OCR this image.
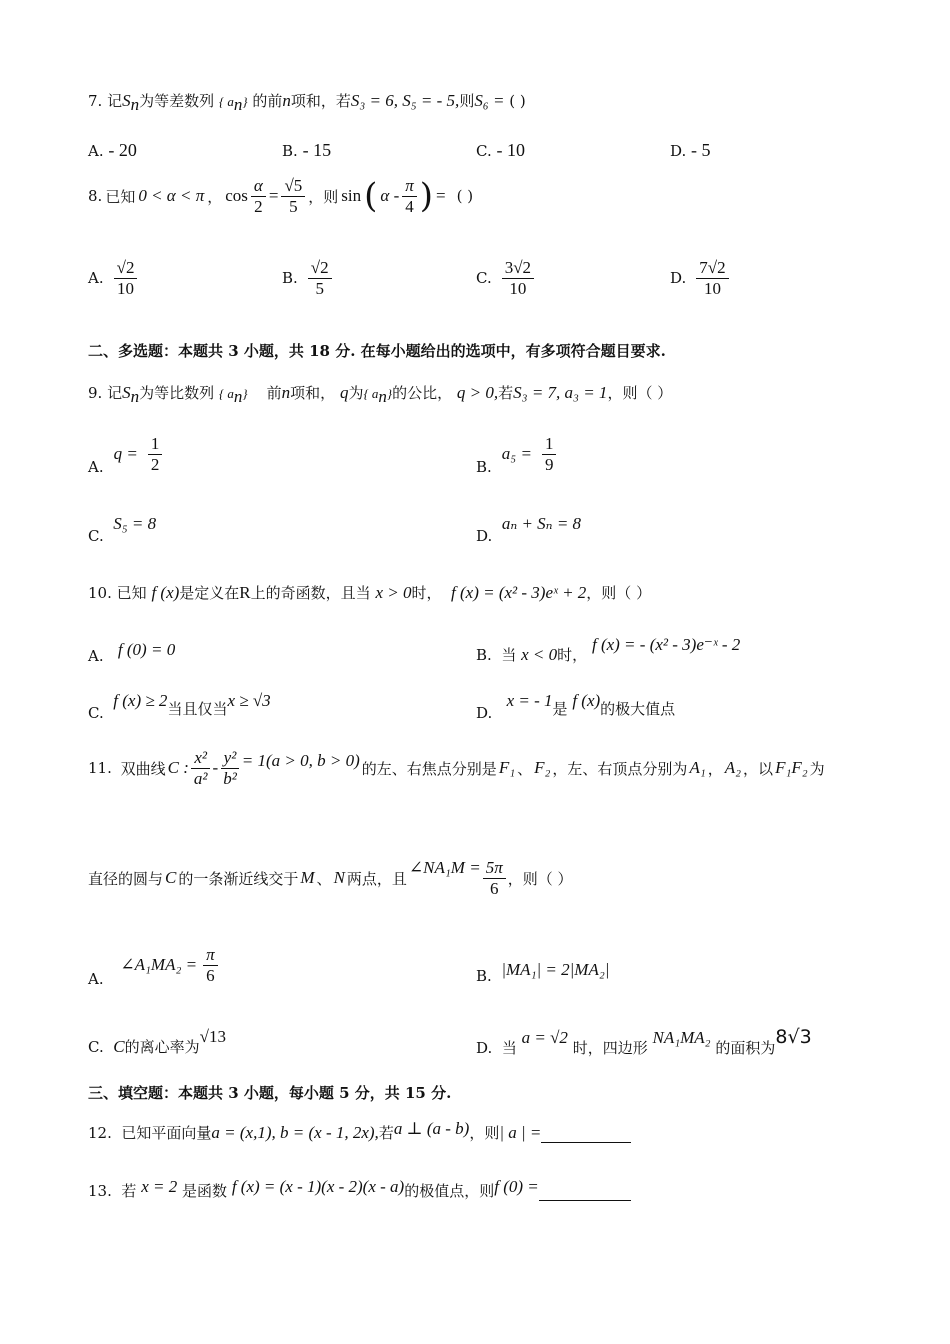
7. 记$S_n$为等差数列 { $a_n$} 的前n项和，若S₃ = 6, S₅ = - 5,则S₆ = ( )
A. - 20	B. - 15	C. - 10	D. - 5
8. 已知 0 < α < π ， $\cos \frac{\alpha}{2} = \frac{√5}{5}$ ，则 sin ( α - $\frac{\pi}{4}$ ) = ( )
A. $\frac{√2}{10}$	B. $\frac{√2}{5}$	C. $\frac{3√2}{10}$	D. $\frac{7√2}{10}$
二、多选题：本题共 3 小题，共 18 分. 在每小题给出的选项中，有多项符合题目要求.
9. 记$S_n$为等比数列 { $a_n$} 前n项和， q为{ $a_n$}的公比， q > 0,若S₃ = 7, a₃ = 1，则（ ）
A.
$q = \frac{1}{2}$	B.
$a_5 = \frac{1}{9}$
C.  S₅ = 8
D.  aₙ + Sₙ = 8
10. 已知 f (x)是定义在R上的奇函数，且当 x > 0时， f (x) = (x² - 3)eˣ + 2，则（ ）
A. f (0) = 0	B. 当 x < 0时， f (x) = - (x² - 3)e⁻ˣ - 2
C.  f (x) ≥ 2当且仅当x ≥ √3
D.   x = - 1是 f (x)的极大值点
11.
双曲线 C : $\frac{\text{x²}}{\text{a²}} - \frac{\text{y²}}{\text{b²}} = 1(a > 0$, b > 0) 的左、右焦点分别是 F₁ 、 F₂ ，左、右顶点分别为 A₁ ， A₂ ，以 F₁F₂ 为
直径的圆与 C 的一条渐近线交于 M 、 N 两点，且
∠NA₁M = $\frac{5\pi}{6}$ ，则（ ）
A.

∠A₁MA₂ = $\frac{\pi}{6}$	B. |MA₁| = 2|MA₂|
C. C的离心率为√13
D. 当 a = √2 时，四边形 NA₁MA₂ 的面积为8√3
三、填空题：本题共 3 小题，每小题 5 分，共 15 分.
12. 已知平面向量a = (x,1), b = (x - 1, 2x),若a ⊥ (a - b)，则| a | =
13. 若 x = 2 是函数 f (x) = (x - 1)(x - 2)(x - a)的极值点，则f (0) =
